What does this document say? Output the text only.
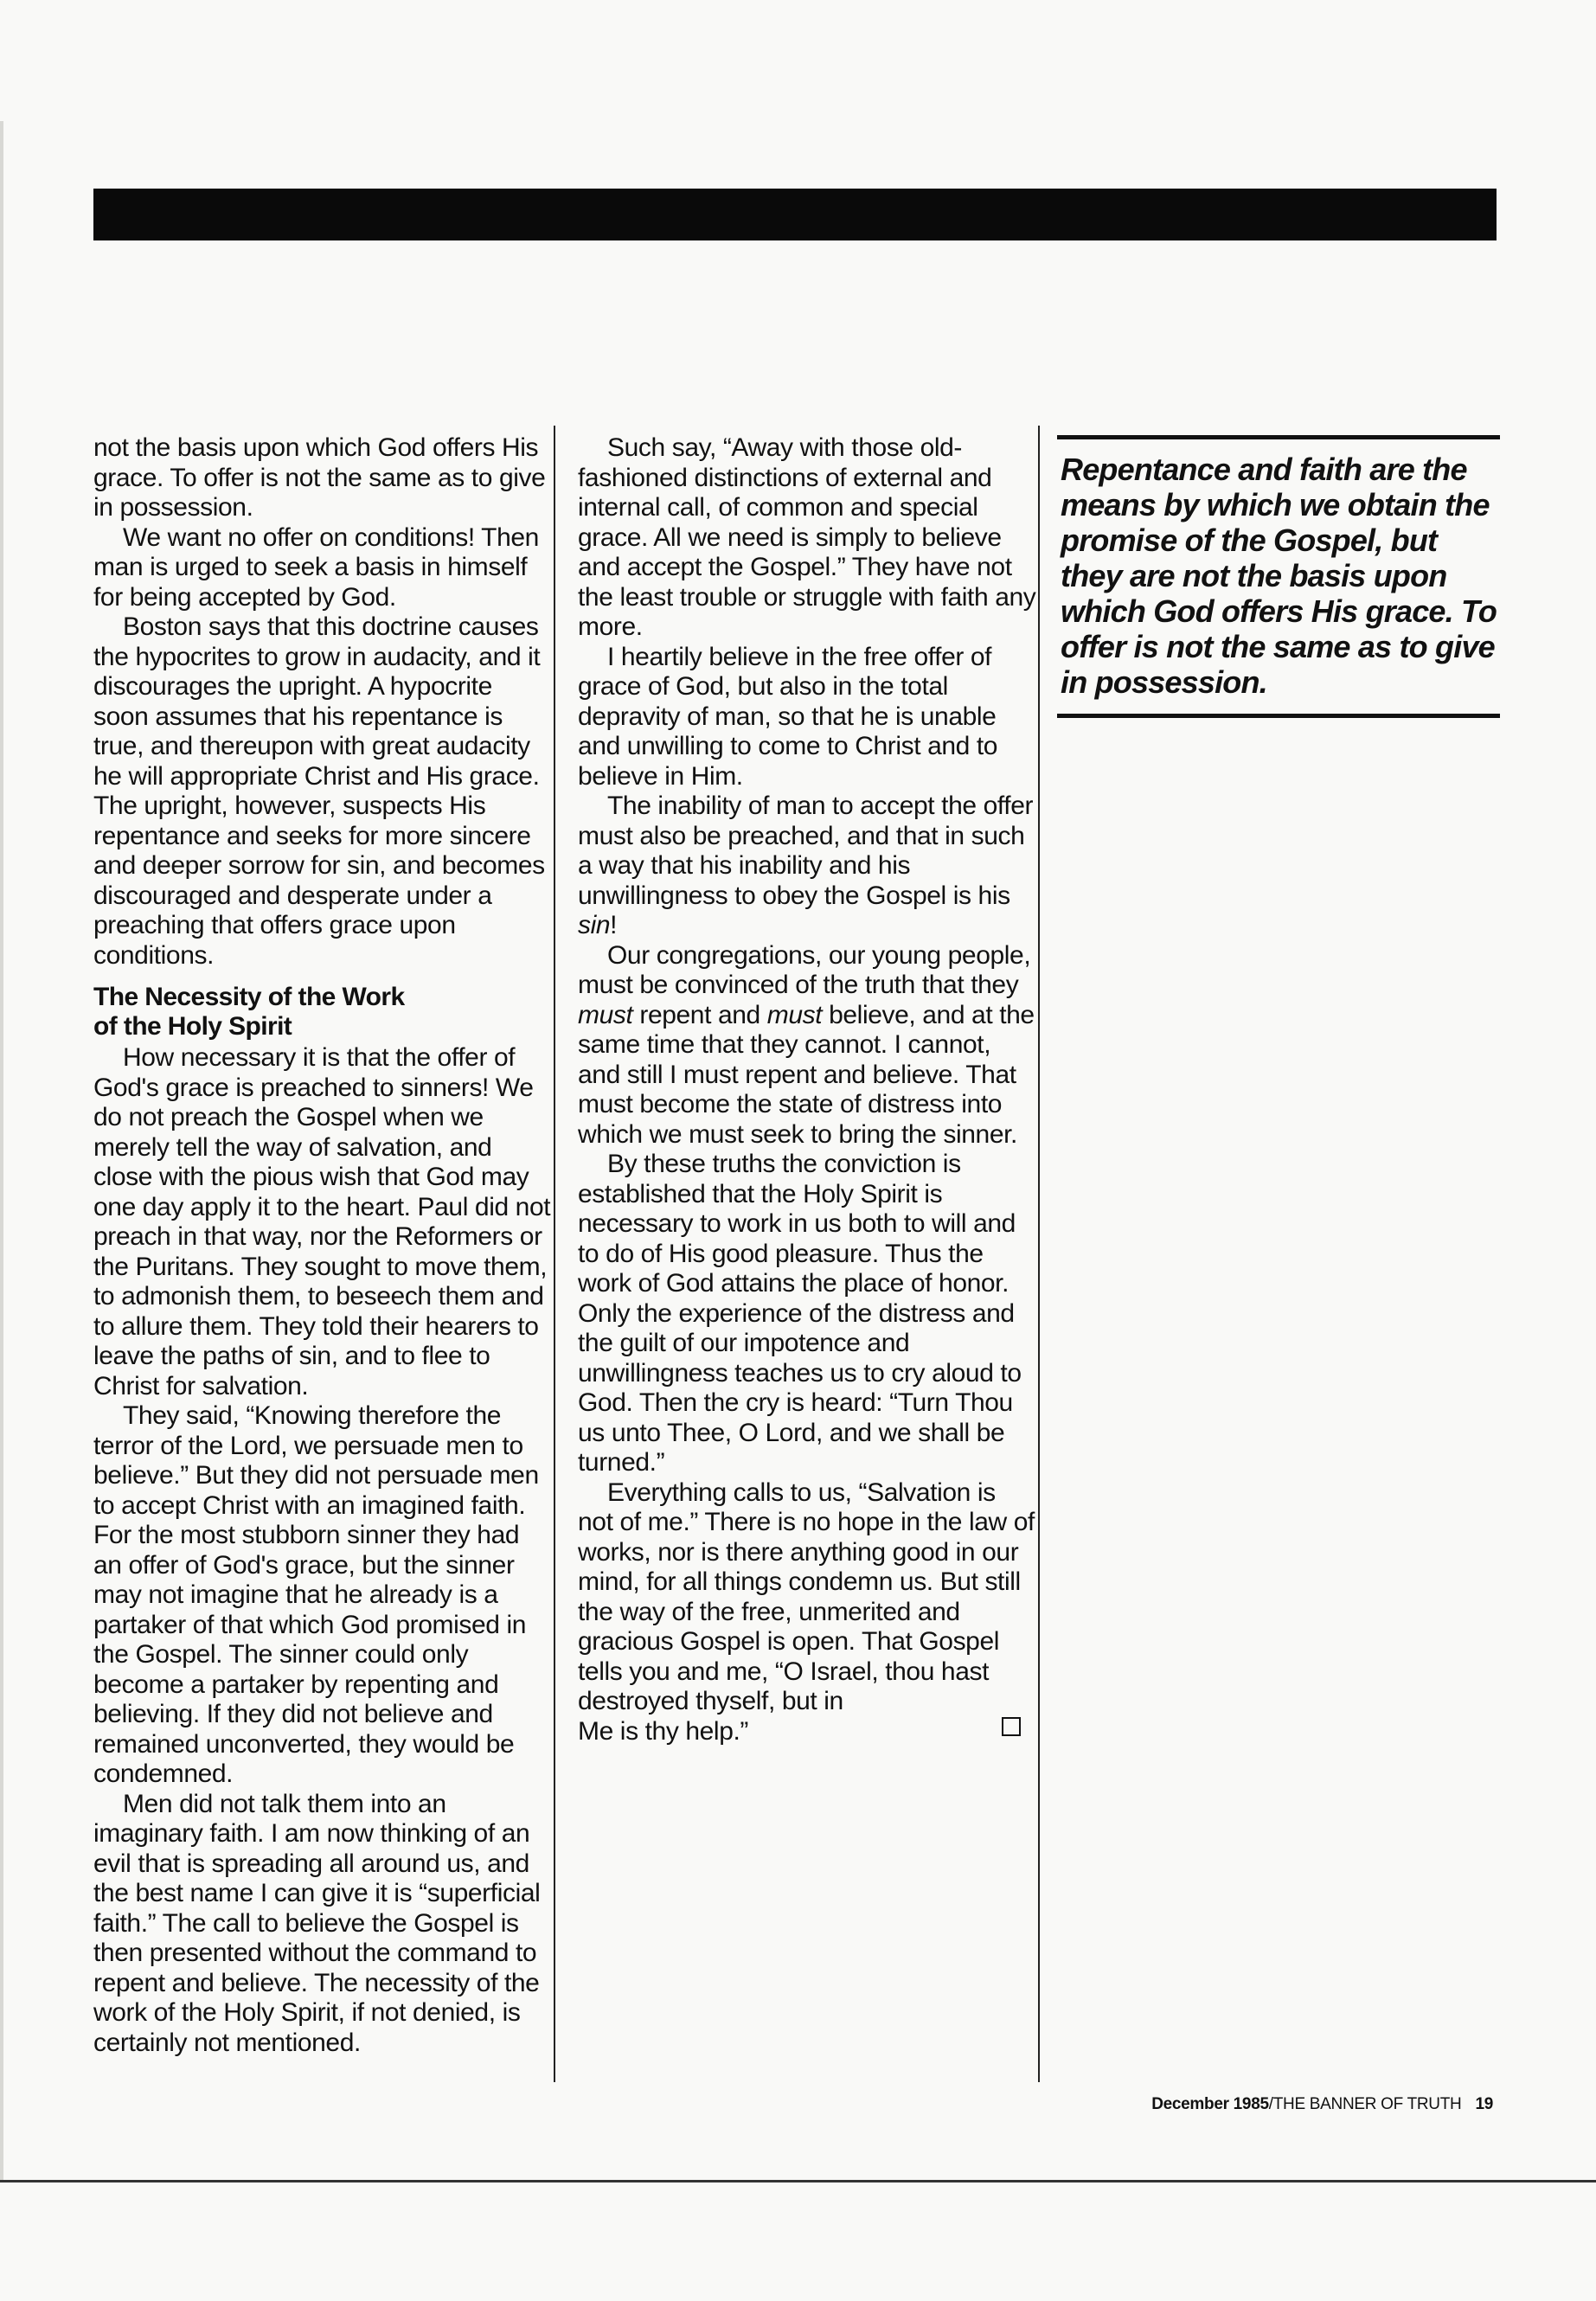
not the basis upon which God offers His grace. To offer is not the same as to give in possession.

We want no offer on conditions! Then man is urged to seek a basis in himself for being accepted by God.

Boston says that this doctrine causes the hypocrites to grow in audacity, and it discourages the upright. A hypocrite soon assumes that his repentance is true, and thereupon with great audacity he will appropriate Christ and His grace. The upright, however, suspects His repentance and seeks for more sincere and deeper sorrow for sin, and becomes discouraged and desperate under a preaching that offers grace upon conditions.

The Necessity of the Work
of the Holy Spirit

How necessary it is that the offer of God's grace is preached to sinners! We do not preach the Gospel when we merely tell the way of salvation, and close with the pious wish that God may one day apply it to the heart. Paul did not preach in that way, nor the Reformers or the Puritans. They sought to move them, to admonish them, to beseech them and to allure them. They told their hearers to leave the paths of sin, and to flee to Christ for salvation.

They said, “Knowing therefore the terror of the Lord, we persuade men to believe.” But they did not persuade men to accept Christ with an imagined faith. For the most stubborn sinner they had an offer of God's grace, but the sinner may not imagine that he already is a partaker of that which God promised in the Gospel. The sinner could only become a partaker by repenting and believing. If they did not believe and remained unconverted, they would be condemned.

Men did not talk them into an imaginary faith. I am now thinking of an evil that is spreading all around us, and the best name I can give it is “superficial faith.” The call to believe the Gospel is then presented without the command to repent and believe. The necessity of the work of the Holy Spirit, if not denied, is certainly not mentioned.

Such say, “Away with those old-fashioned distinctions of external and internal call, of common and special grace. All we need is simply to believe and accept the Gospel.” They have not the least trouble or struggle with faith any more.

I heartily believe in the free offer of grace of God, but also in the total depravity of man, so that he is unable and unwilling to come to Christ and to believe in Him.

The inability of man to accept the offer must also be preached, and that in such a way that his inability and his unwillingness to obey the Gospel is his sin!

Our congregations, our young people, must be convinced of the truth that they must repent and must believe, and at the same time that they cannot. I cannot, and still I must repent and believe. That must become the state of distress into which we must seek to bring the sinner.

By these truths the conviction is established that the Holy Spirit is necessary to work in us both to will and to do of His good pleasure. Thus the work of God attains the place of honor. Only the experience of the distress and the guilt of our impotence and unwillingness teaches us to cry aloud to God. Then the cry is heard: “Turn Thou us unto Thee, O Lord, and we shall be turned.”

Everything calls to us, “Salvation is not of me.” There is no hope in the law of works, nor is there anything good in our mind, for all things condemn us. But still the way of the free, unmerited and gracious Gospel is open. That Gospel tells you and me, “O Israel, thou hast destroyed thyself, but in

Me is thy help.”

Repentance and faith are the means by which we obtain the promise of the Gospel, but they are not the basis upon which God offers His grace. To offer is not the same as to give in possession.

December 1985/THE BANNER OF TRUTH 19
